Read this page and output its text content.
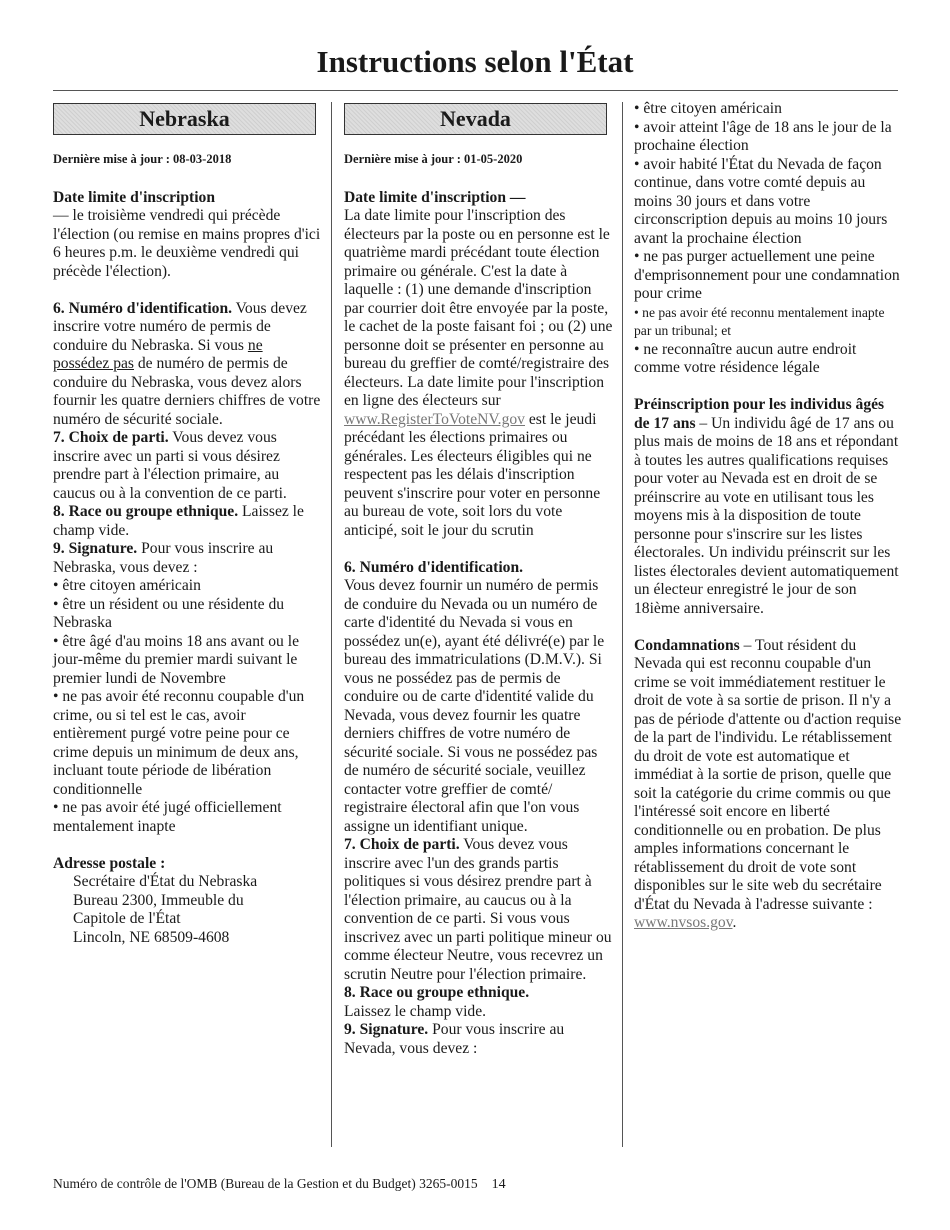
Instructions selon l'État
Nebraska

Dernière mise à jour : 08-03-2018

Date limite d'inscription
— le troisième vendredi qui précède l'élection (ou remise en mains propres d'ici 6 heures p.m. le deuxième vendredi qui précède l'élection).

6. Numéro d'identification. Vous devez inscrire votre numéro de permis de conduire du Nebraska. Si vous ne possédez pas de numéro de permis de conduire du Nebraska, vous devez alors fournir les quatre derniers chiffres de votre numéro de sécurité sociale.

7. Choix de parti. Vous devez vous inscrire avec un parti si vous désirez prendre part à l'élection primaire, au caucus ou à la convention de ce parti.

8. Race ou groupe ethnique. Laissez le champ vide.

9. Signature. Pour vous inscrire au Nebraska, vous devez :

• être citoyen américain

• être un résident ou une résidente du Nebraska

• être âgé d'au moins 18 ans avant ou le jour-même du premier mardi suivant le premier lundi de Novembre

• ne pas avoir été reconnu coupable d'un crime, ou si tel est le cas, avoir entièrement purgé votre peine pour ce crime depuis un minimum de deux ans, incluant toute période de libération conditionnelle

• ne pas avoir été jugé officiellement mentalement inapte

Adresse postale :

Secrétaire d'État du Nebraska

Bureau 2300, Immeuble du

Capitole de l'État

Lincoln, NE 68509-4608

Nevada

Dernière mise à jour : 01-05-2020

Date limite d'inscription —
La date limite pour l'inscription des électeurs par la poste ou en personne est le quatrième mardi précédant toute élection primaire ou générale. C'est la date à laquelle : (1) une demande d'inscription par courrier doit être envoyée par la poste, le cachet de la poste faisant foi ; ou (2) une personne doit se présenter en personne au bureau du greffier de comté/registraire des électeurs. La date limite pour l'inscription en ligne des électeurs sur www.RegisterToVoteNV.gov est le jeudi précédant les élections primaires ou générales. Les électeurs éligibles qui ne respectent pas les délais d'inscription peuvent s'inscrire pour voter en personne au bureau de vote, soit lors du vote anticipé, soit le jour du scrutin

6. Numéro d'identification.

Vous devez fournir un numéro de permis de conduire du Nevada ou un numéro de carte d'identité du Nevada si vous en possédez un(e), ayant été délivré(e) par le bureau des immatriculations (D.M.V.). Si vous ne possédez pas de permis de conduire ou de carte d'identité valide du Nevada, vous devez fournir les quatre derniers chiffres de votre numéro de sécurité sociale. Si vous ne possédez pas de numéro de sécurité sociale, veuillez contacter votre greffier de comté/ registraire électoral afin que l'on vous assigne un identifiant unique.

7. Choix de parti. Vous devez vous inscrire avec l'un des grands partis politiques si vous désirez prendre part à l'élection primaire, au caucus ou à la convention de ce parti. Si vous vous inscrivez avec un parti politique mineur ou comme électeur Neutre, vous recevrez un scrutin Neutre pour l'élection primaire.

8. Race ou groupe ethnique.

Laissez le champ vide.

9. Signature. Pour vous inscrire au Nevada, vous devez :

• être citoyen américain

• avoir atteint l'âge de 18 ans le jour de la prochaine élection

• avoir habité l'État du Nevada de façon continue, dans votre comté depuis au moins 30 jours et dans votre circonscription depuis au moins 10 jours avant la prochaine élection

• ne pas purger actuellement une peine d'emprisonnement pour une condamnation pour crime

• ne pas avoir été reconnu mentalement inapte par un tribunal; et

• ne reconnaître aucun autre endroit comme votre résidence légale

Préinscription pour les individus âgés de 17 ans – Un individu âgé de 17 ans ou plus mais de moins de 18 ans et répondant à toutes les autres qualifications requises pour voter au Nevada est en droit de se préinscrire au vote en utilisant tous les moyens mis à la disposition de toute personne pour s'inscrire sur les listes électorales. Un individu préinscrit sur les listes électorales devient automatiquement un électeur enregistré le jour de son 18ième anniversaire.

Condamnations – Tout résident du Nevada qui est reconnu coupable d'un crime se voit immédiatement restituer le droit de vote à sa sortie de prison. Il n'y a pas de période d'attente ou d'action requise de la part de l'individu. Le rétablissement du droit de vote est automatique et immédiat à la sortie de prison, quelle que soit la catégorie du crime commis ou que l'intéressé soit encore en liberté conditionnelle ou en probation. De plus amples informations concernant le rétablissement du droit de vote sont disponibles sur le site web du secrétaire d'État du Nevada à l'adresse suivante : www.nvsos.gov.

Numéro de contrôle de l'OMB (Bureau de la Gestion et du Budget) 3265-0015 14
